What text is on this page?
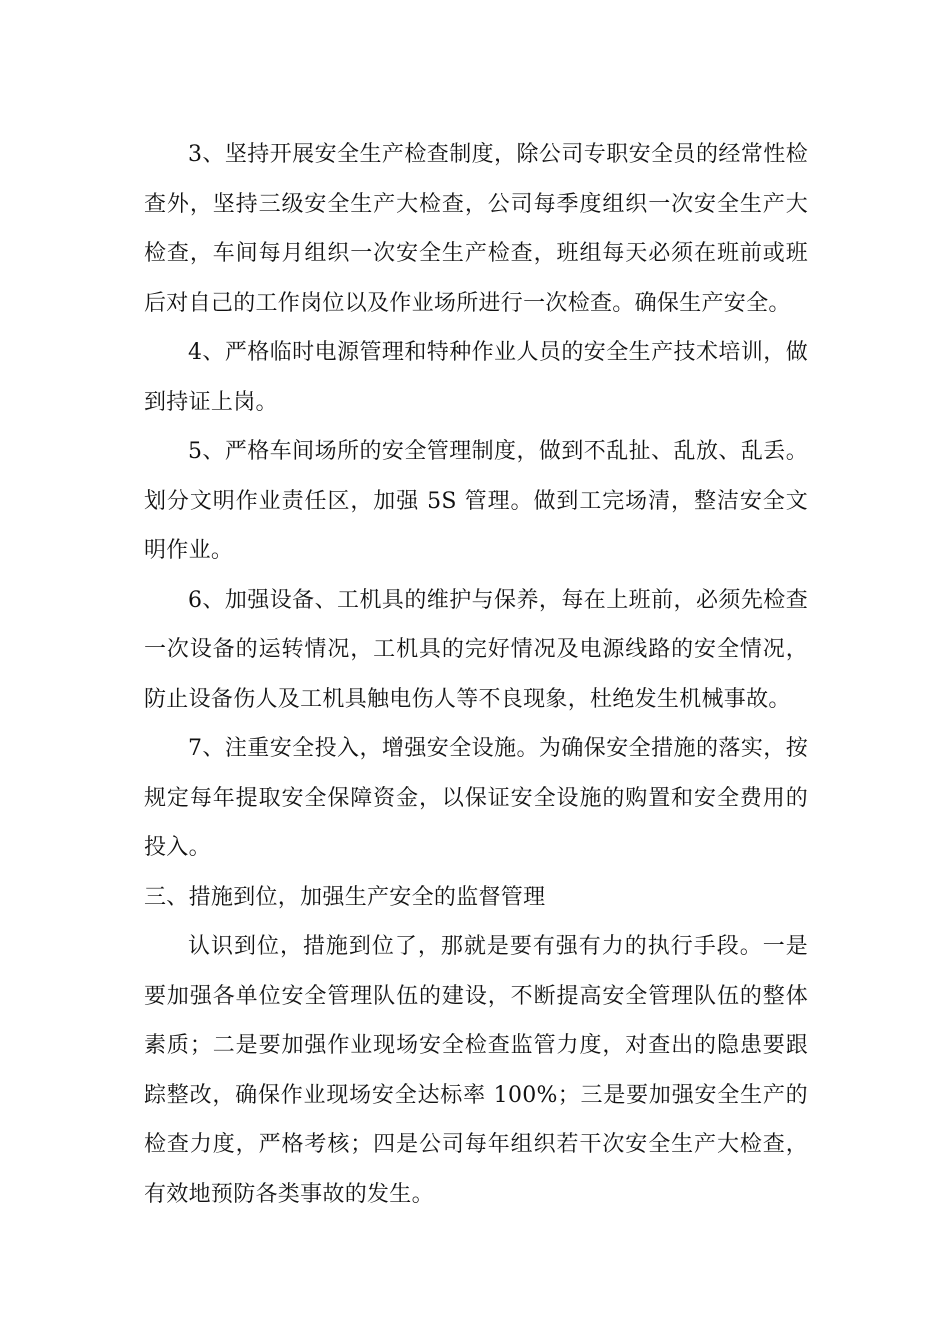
3、坚持开展安全生产检查制度，除公司专职安全员的经常性检查外，坚持三级安全生产大检查，公司每季度组织一次安全生产大检查，车间每月组织一次安全生产检查，班组每天必须在班前或班后对自己的工作岗位以及作业场所进行一次检查。确保生产安全。

4、严格临时电源管理和特种作业人员的安全生产技术培训，做到持证上岗。

5、严格车间场所的安全管理制度，做到不乱扯、乱放、乱丢。划分文明作业责任区，加强 5S 管理。做到工完场清，整洁安全文明作业。

6、加强设备、工机具的维护与保养，每在上班前，必须先检查一次设备的运转情况，工机具的完好情况及电源线路的安全情况，防止设备伤人及工机具触电伤人等不良现象，杜绝发生机械事故。

7、注重安全投入，增强安全设施。为确保安全措施的落实，按规定每年提取安全保障资金，以保证安全设施的购置和安全费用的投入。

三、措施到位，加强生产安全的监督管理

认识到位，措施到位了，那就是要有强有力的执行手段。一是要加强各单位安全管理队伍的建设，不断提高安全管理队伍的整体素质；二是要加强作业现场安全检查监管力度，对查出的隐患要跟踪整改，确保作业现场安全达标率 100%；三是要加强安全生产的检查力度，严格考核；四是公司每年组织若干次安全生产大检查，有效地预防各类事故的发生。
